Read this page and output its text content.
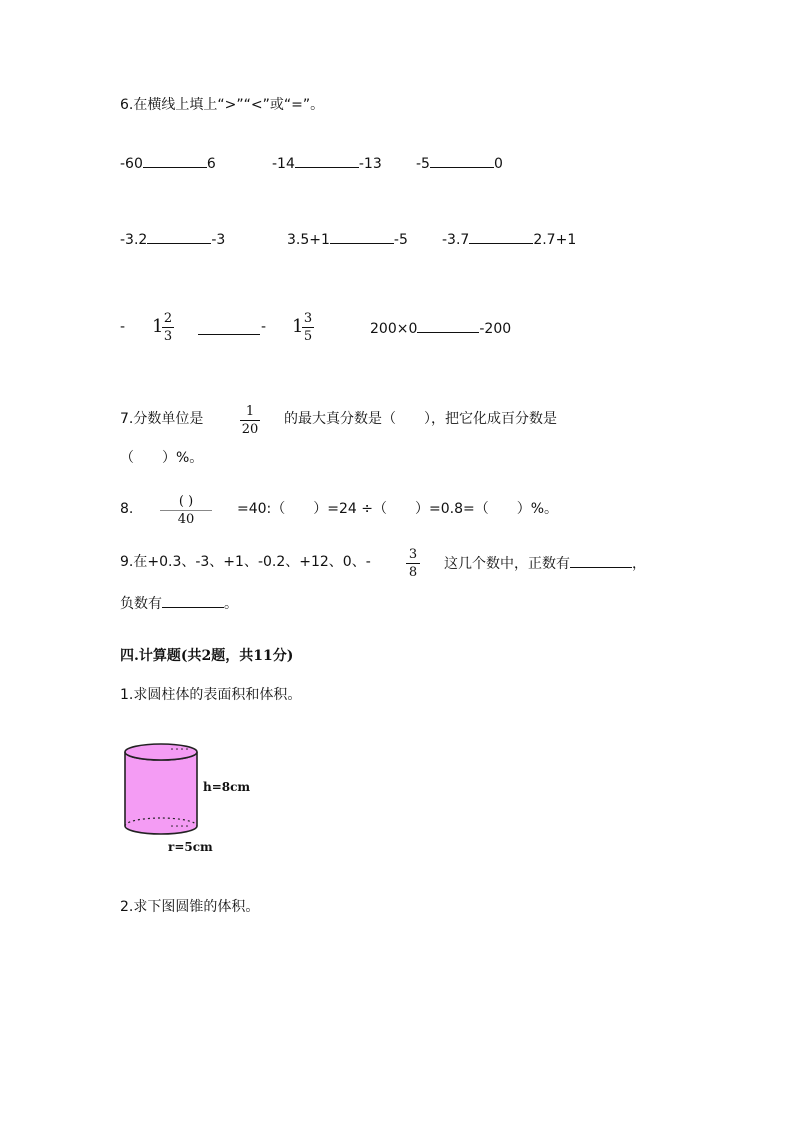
6.在横线上填上“>”“<”或“=”。
-60	6	-14	-13 -5	0
-3.2	-3	3.5+1	-5 -3.7	2.7+1
- 1 2
3
- 1 3
5	200×0	-200
7.分数单位是	1
20
的最大真分数是（　　），把它化成百分数是
（　　）%。
8.	( )
40
=40:（　　）=24 ÷（　　）=0.8=（　　）%。
9.在+0.3、-3、+1、-0.2、+12、0、-	3
8
这几个数中，正数有	，
负数有	。
四.计算题(共2题，共11分)
1.求圆柱体的表面积和体积。
h=8cm
r=5cm
2.求下图圆锥的体积。
